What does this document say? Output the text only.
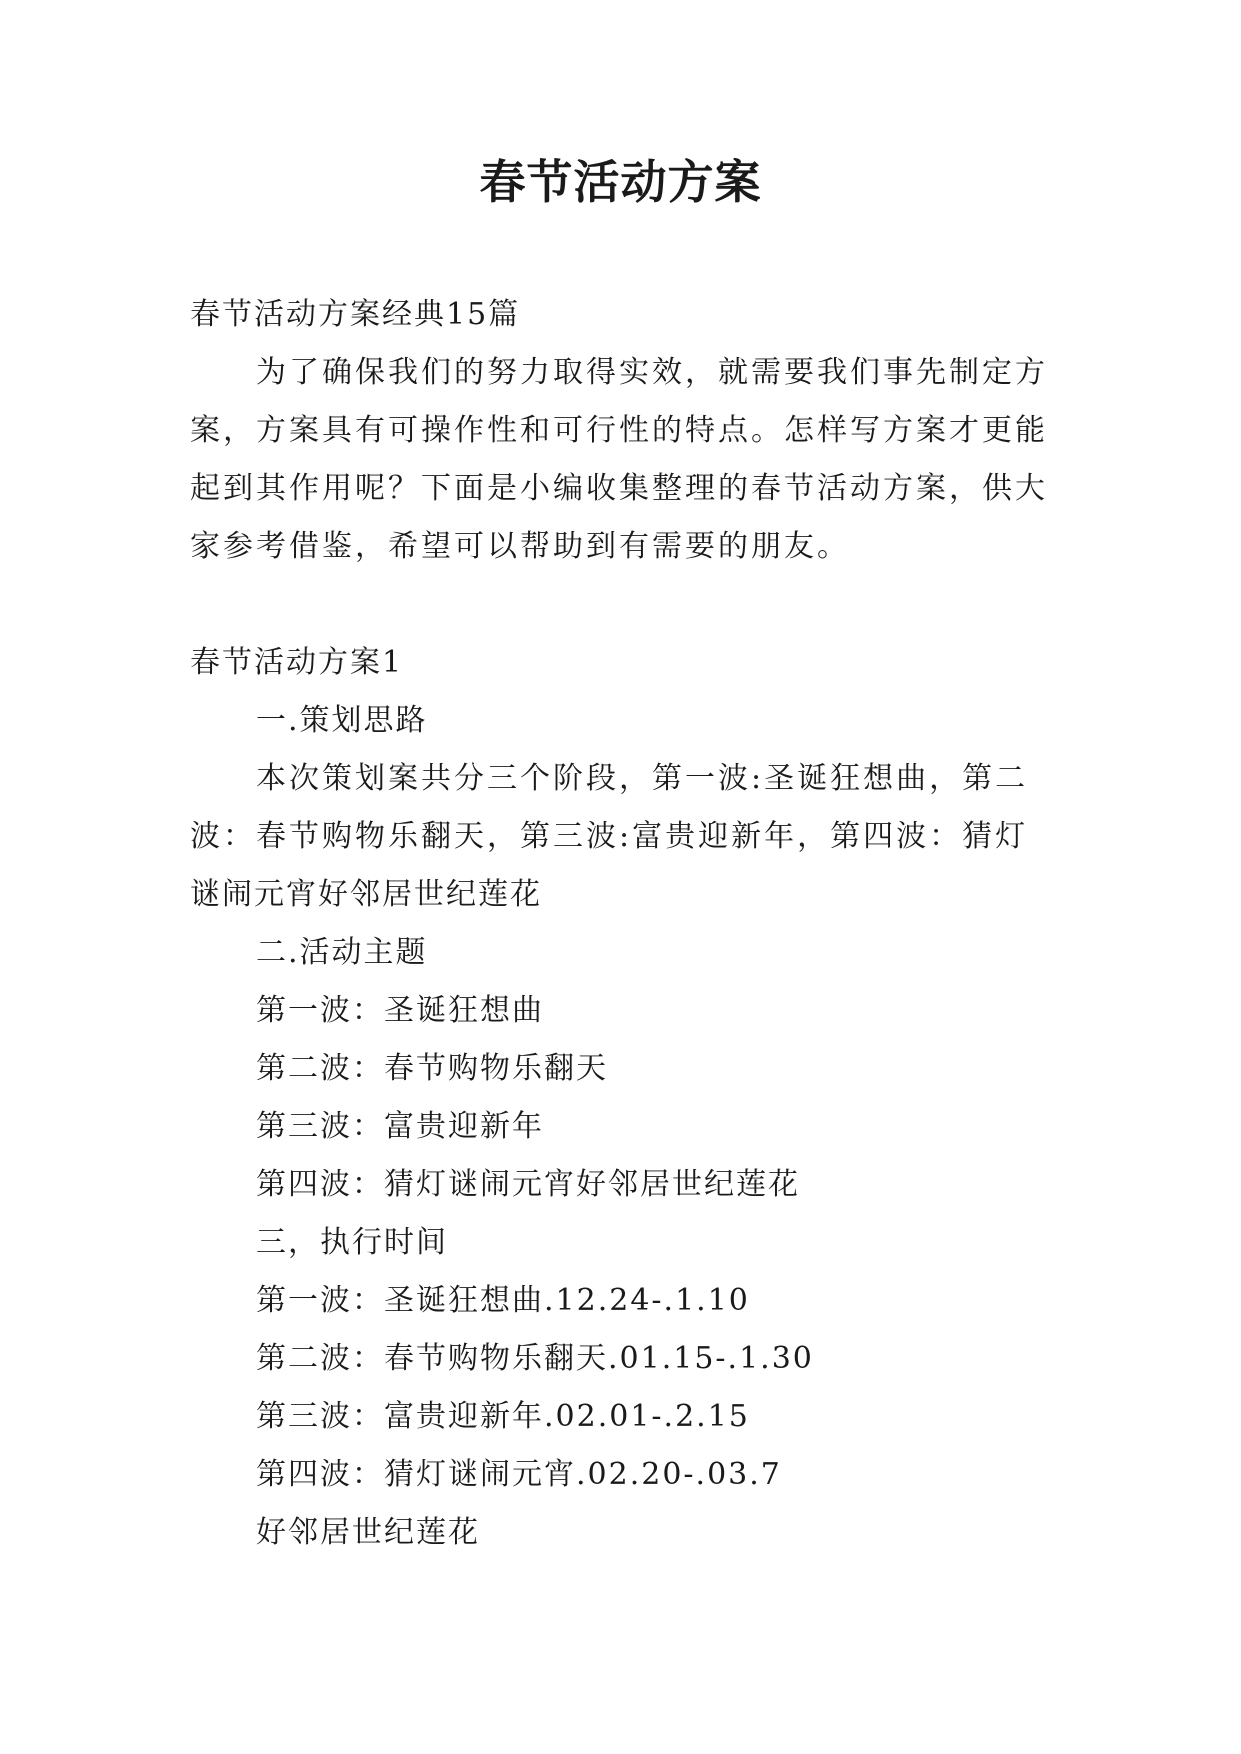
春节活动方案
春节活动方案经典15篇
为了确保我们的努力取得实效，就需要我们事先制定方
案，方案具有可操作性和可行性的特点。怎样写方案才更能
起到其作用呢？下面是小编收集整理的春节活动方案，供大
家参考借鉴，希望可以帮助到有需要的朋友。
春节活动方案1
一.策划思路
本次策划案共分三个阶段，第一波:圣诞狂想曲，第二
波：春节购物乐翻天，第三波:富贵迎新年，第四波：猜灯
谜闹元宵好邻居世纪莲花
二.活动主题
第一波：圣诞狂想曲
第二波：春节购物乐翻天
第三波：富贵迎新年
第四波：猜灯谜闹元宵好邻居世纪莲花
三，执行时间
第一波：圣诞狂想曲.12.24-.1.10
第二波：春节购物乐翻天.01.15-.1.30
第三波：富贵迎新年.02.01-.2.15
第四波：猜灯谜闹元宵.02.20-.03.7
好邻居世纪莲花
